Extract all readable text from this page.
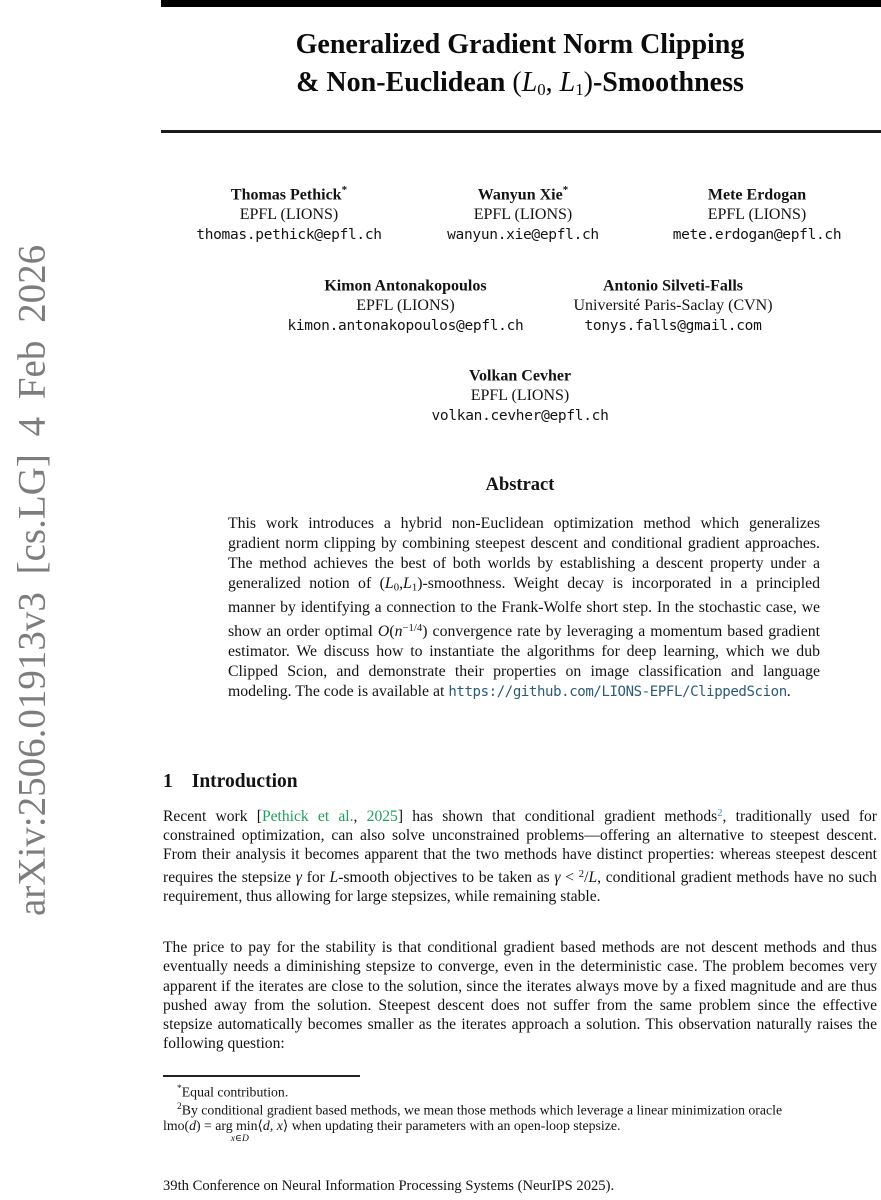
arXiv:2506.01913v3 [cs.LG] 4 Feb 2026
Generalized Gradient Norm Clipping
& Non-Euclidean (L0, L1)-Smoothness
Thomas Pethick*
EPFL (LIONS)
thomas.pethick@epfl.ch
Wanyun Xie*
EPFL (LIONS)
wanyun.xie@epfl.ch
Mete Erdogan
EPFL (LIONS)
mete.erdogan@epfl.ch
Kimon Antonakopoulos
EPFL (LIONS)
kimon.antonakopoulos@epfl.ch
Antonio Silveti-Falls
Université Paris-Saclay (CVN)
tonys.falls@gmail.com
Volkan Cevher
EPFL (LIONS)
volkan.cevher@epfl.ch
Abstract

This work introduces a hybrid non-Euclidean optimization method which generalizes gradient norm clipping by combining steepest descent and conditional gradient approaches. The method achieves the best of both worlds by establishing a descent property under a generalized notion of (L0,L1)-smoothness. Weight decay is incorporated in a principled manner by identifying a connection to the Frank-Wolfe short step. In the stochastic case, we show an order optimal $O(n^{-1/4})$ convergence rate by leveraging a momentum based gradient estimator. We discuss how to instantiate the algorithms for deep learning, which we dub Clipped Scion, and demonstrate their properties on image classification and language modeling. The code is available at https://github.com/LIONS-EPFL/ClippedScion.

1 Introduction

Recent work [Pethick et al., 2025] has shown that conditional gradient methods$^2$, traditionally used for constrained optimization, can also solve unconstrained problems—offering an alternative to steepest descent. From their analysis it becomes apparent that the two methods have distinct properties: whereas steepest descent requires the stepsize γ for L-smooth objectives to be taken as γ < $^2$/L, conditional gradient methods have no such requirement, thus allowing for large stepsizes, while remaining stable.

The price to pay for the stability is that conditional gradient based methods are not descent methods and thus eventually needs a diminishing stepsize to converge, even in the deterministic case. The problem becomes very apparent if the iterates are close to the solution, since the iterates always move by a fixed magnitude and are thus pushed away from the solution. Steepest descent does not suffer from the same problem since the effective stepsize automatically becomes smaller as the iterates approach a solution. This observation naturally raises the following question:

*Equal contribution.

$^2$By conditional gradient based methods, we mean those methods which leverage a linear minimization oracle

lmo(d) = arg min
x∈D
⟨d, x⟩ when updating their parameters with an open-loop stepsize.

39th Conference on Neural Information Processing Systems (NeurIPS 2025).
